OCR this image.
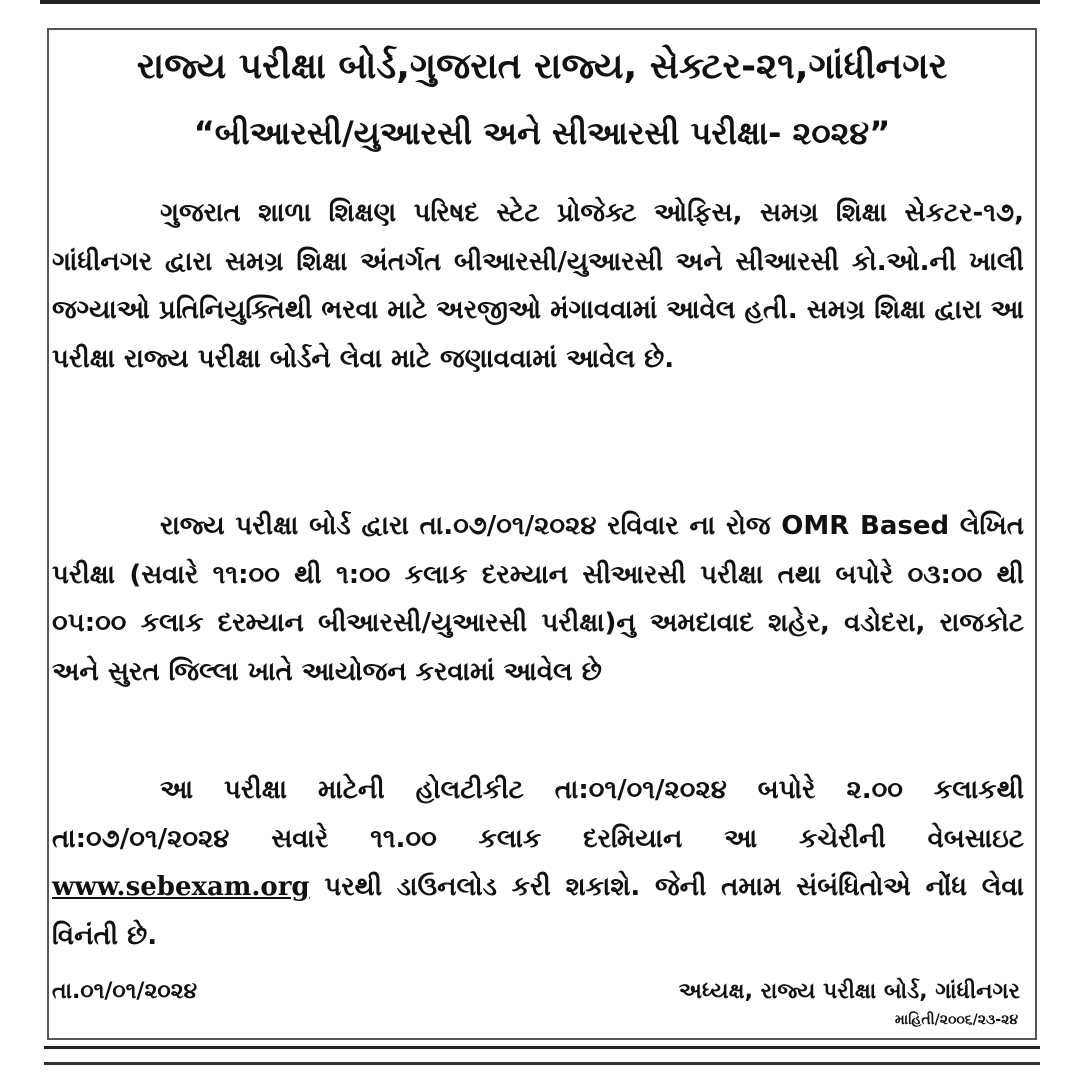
રાજ્ય પરીક્ષા બોર્ડ,ગુજરાત રાજ્ય, સેક્ટર-૨૧,ગાંધીનગર
“બીઆરસી/યુઆરસી અને સીઆરસી પરીક્ષા- ૨૦૨૪”

ગુજરાત શાળા શિક્ષણ પરિષદ સ્ટેટ પ્રોજેક્ટ ઓફિસ, સમગ્ર શિક્ષા સેકટર-૧૭, ગાંધીનગર દ્વારા સમગ્ર શિક્ષા અંતર્ગત બીઆરસી/યુઆરસી અને સીઆરસી કો.ઓ.ની ખાલી જગ્યાઓ પ્રતિનિયુક્તિથી ભરવા માટે અરજીઓ મંગાવવામાં આવેલ હતી. સમગ્ર શિક્ષા દ્વારા આ પરીક્ષા રાજ્ય પરીક્ષા બોર્ડને લેવા માટે જણાવવામાં આવેલ છે.

રાજ્ય પરીક્ષા બોર્ડ દ્વારા તા.૦૭/૦૧/૨૦૨૪ રવિવાર ના રોજ OMR Based લેખિત પરીક્ષા (સવારે ૧૧:૦૦ થી ૧:૦૦ કલાક દરમ્યાન સીઆરસી પરીક્ષા તથા બપોરે ૦૩:૦૦ થી ૦૫:૦૦ કલાક દરમ્યાન બીઆરસી/યુઆરસી પરીક્ષા)નુ અમદાવાદ શહેર, વડોદરા, રાજકોટ અને સુરત જિલ્લા ખાતે આયોજન કરવામાં આવેલ છે

આ પરીક્ષા માટેની હોલટીકીટ તા:૦૧/૦૧/૨૦૨૪ બપોરે ૨.૦૦ કલાકથી તા:૦૭/૦૧/૨૦૨૪ સવારે ૧૧.૦૦ કલાક દરમિયાન આ કચેરીની વેબસાઇટ www.sebexam.org પરથી ડાઉનલોડ કરી શકાશે. જેની તમામ સંબંધિતોએ નોંધ લેવા વિનંતી છે.

તા.૦૧/૦૧/૨૦૨૪	અધ્યક્ષ, રાજ્ય પરીક્ષા બોર્ડ, ગાંધીનગર
માહિતી/૨૦૦૬/૨૩-૨૪
